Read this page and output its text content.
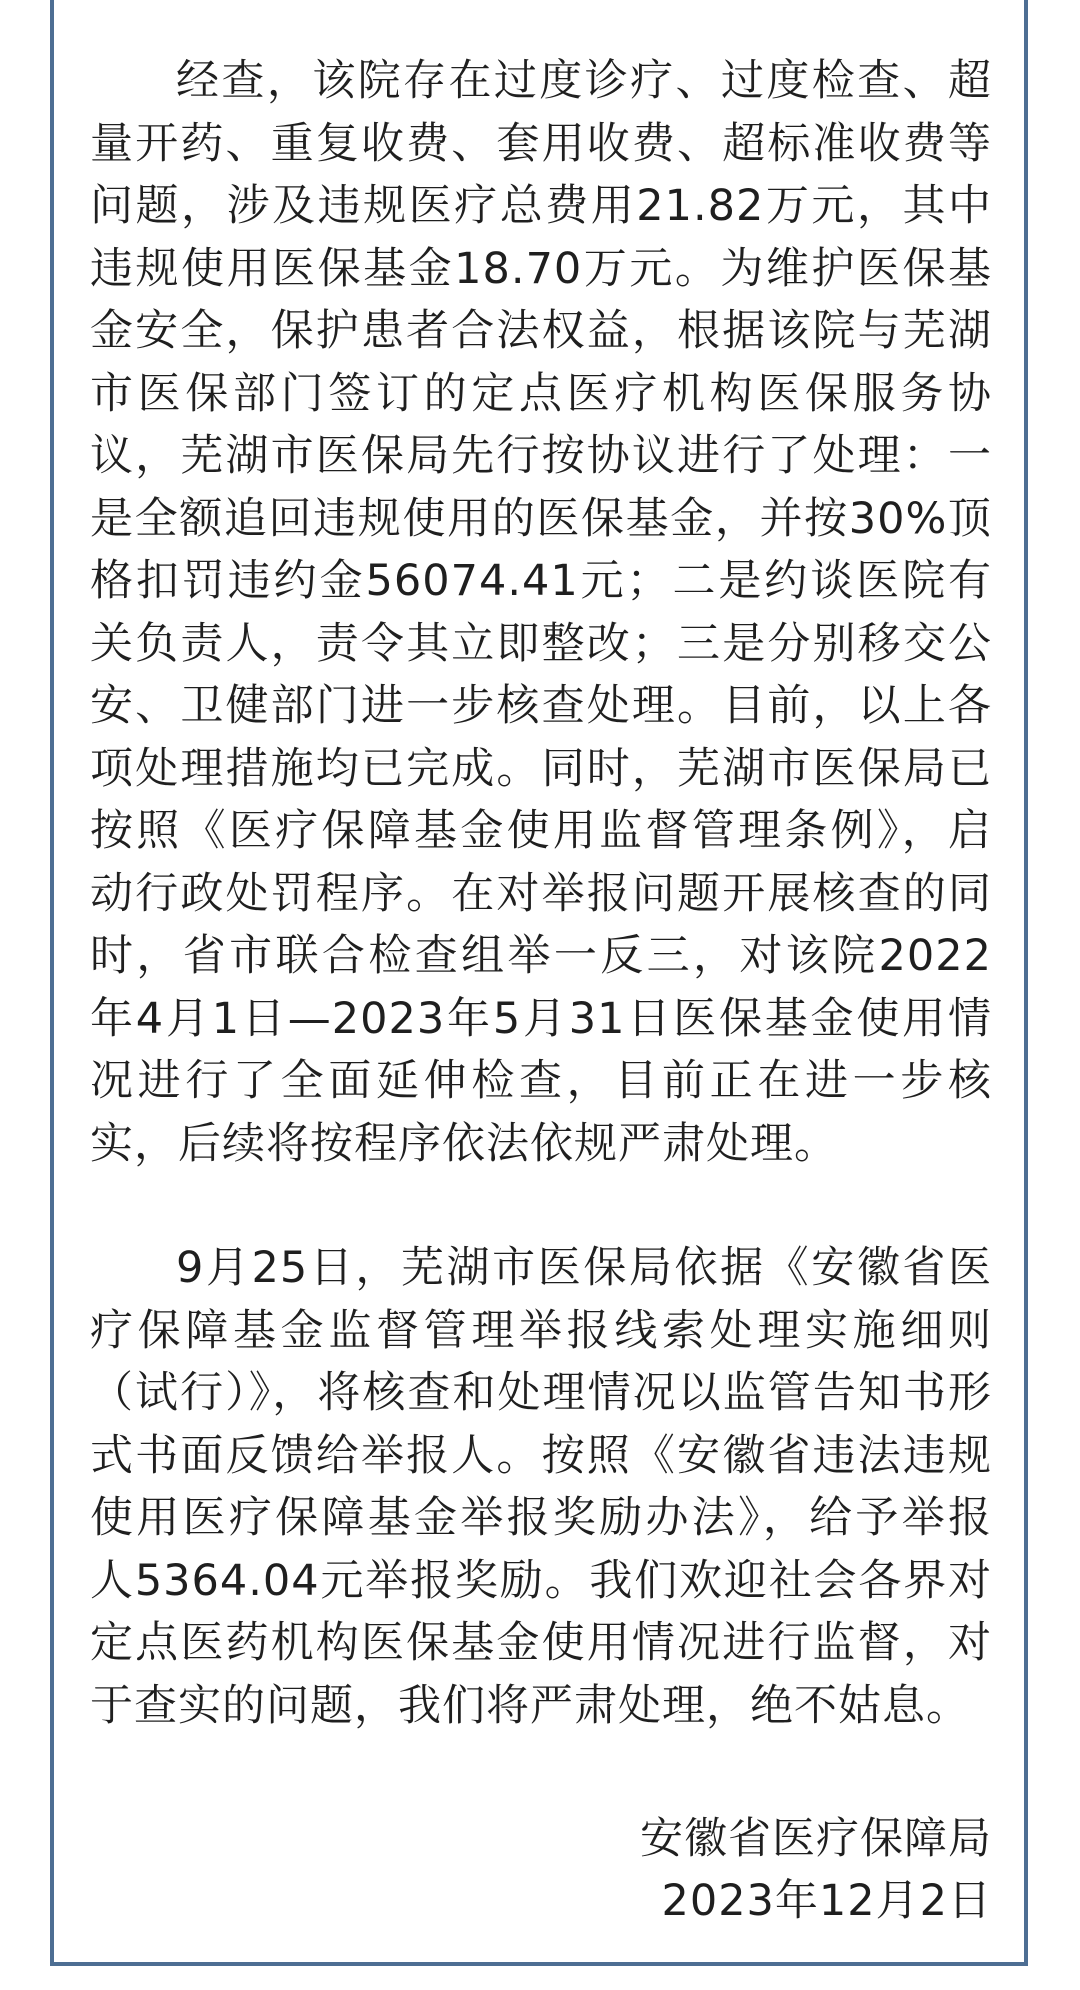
经查，该院存在过度诊疗、过度检查、超量开药、重复收费、套用收费、超标准收费等问题，涉及违规医疗总费用21.82万元，其中违规使用医保基金18.70万元。为维护医保基金安全，保护患者合法权益，根据该院与芜湖市医保部门签订的定点医疗机构医保服务协议，芜湖市医保局先行按协议进行了处理：一是全额追回违规使用的医保基金，并按30%顶格扣罚违约金56074.41元；二是约谈医院有关负责人，责令其立即整改；三是分别移交公安、卫健部门进一步核查处理。目前，以上各项处理措施均已完成。同时，芜湖市医保局已按照《医疗保障基金使用监督管理条例》，启动行政处罚程序。在对举报问题开展核查的同时，省市联合检查组举一反三，对该院2022年4月1日—2023年5月31日医保基金使用情况进行了全面延伸检查，目前正在进一步核实，后续将按程序依法依规严肃处理。

9月25日，芜湖市医保局依据《安徽省医疗保障基金监督管理举报线索处理实施细则（试行）》，将核查和处理情况以监管告知书形式书面反馈给举报人。按照《安徽省违法违规使用医疗保障基金举报奖励办法》，给予举报人5364.04元举报奖励。我们欢迎社会各界对定点医药机构医保基金使用情况进行监督，对于查实的问题，我们将严肃处理，绝不姑息。

安徽省医疗保障局
2023年12月2日
